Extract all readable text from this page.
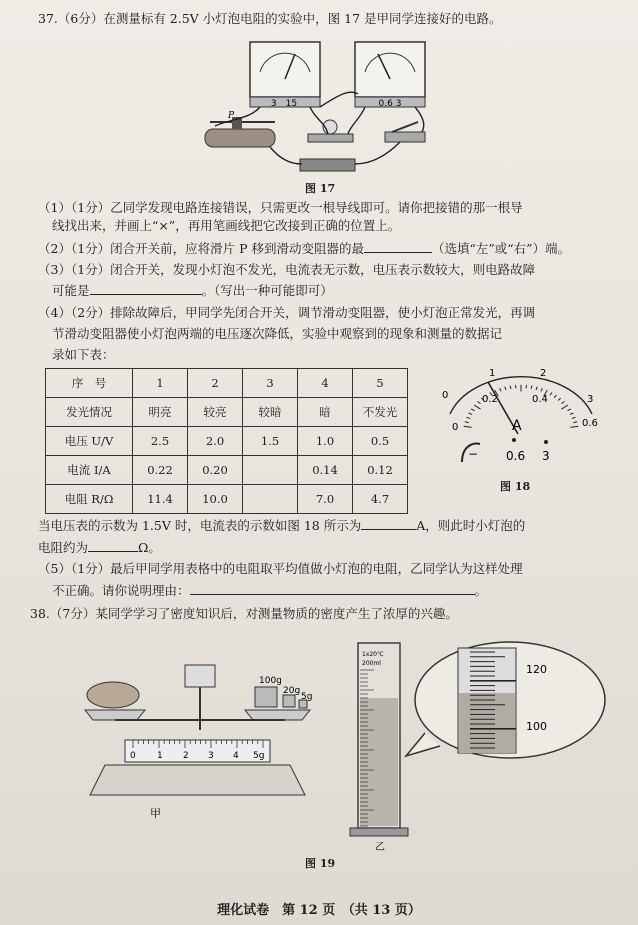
37.（6分）在测量标有 2.5V 小灯泡电阻的实验中，图 17 是甲同学连接好的电路。
3　15	0.6 3
P
图 17
（1）（1分）乙同学发现电路连接错误，只需更改一根导线即可。请你把接错的那一根导
线找出来，并画上“×”，再用笔画线把它改接到正确的位置上。
（2）（1分）闭合开关前，应将滑片 P 移到滑动变阻器的最	（选填“左”或“右”）端。
（3）（1分）闭合开关，发现小灯泡不发光，电流表无示数，电压表示数较大，则电路故障
可能是	。（写出一种可能即可）
（4）（2分）排除故障后，甲同学先闭合开关，调节滑动变阻器，使小灯泡正常发光，再调
节滑动变阻器使小灯泡两端的电压逐次降低，实验中观察到的现象和测量的数据记
录如下表：
序　号	1	2	3	4	5
发光情况	明亮	较亮	较暗	暗	不发光
电压 U/V	2.5	2.0	1.5	1.0	0.5
电流 I/A	0.22	0.20		0.14	0.12
电阻 R/Ω	11.4	10.0		7.0	4.7
0
0.2	0.4
0.6
0
1	2
3
A
− 0.6 3
图 18
当电压表的示数为 1.5V 时，电流表的示数如图 18 所示为	A，则此时小灯泡的
电阻约为	Ω。
（5）（1分）最后甲同学用表格中的电阻取平均值做小灯泡的电阻，乙同学认为这样处理
不正确。请你说明理由：	。
38.（7分）某同学学习了密度知识后，对测量物质的密度产生了浓厚的兴趣。
100g
20g
5g
0 1 2 3 4 5g
甲
1x20℃
200ml
乙
120
100
图 19
理化试卷　第 12 页　（共 13 页）
